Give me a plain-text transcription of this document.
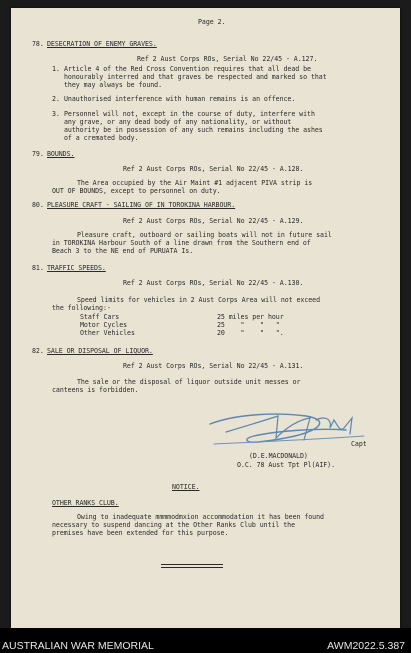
Page 2.
78. DESECRATION OF ENEMY GRAVES.
Ref 2 Aust Corps ROs, Serial No 22/45 - A.127.
1. Article 4 of the Red Cross Convention requires that all dead be
honourably interred and that graves be respected and marked so that
they may always be found.
2. Unauthorised interference with human remains is an offence.
3. Personnel will not, except in the course of duty, interfere with
any grave, or any dead body of any nationality, or without
authority be in possession of any such remains including the ashes
of a cremated body.
79. BOUNDS.
Ref 2 Aust Corps ROs, Serial No 22/45 - A.128.
The Area occupied by the Air Maint #1 adjacent PIVA strip is
OUT OF BOUNDS, except to personnel on duty.
80. PLEASURE CRAFT - SAILING OF IN TOROKINA HARBOUR.
Ref 2 Aust Corps ROs, Serial No 22/45 - A.129.
Pleasure craft, outboard or sailing boats will not in future sail
in TOROKINA Harbour South of a line drawn from the Southern end of
Beach 3 to the NE end of PURUATA Is.
81. TRAFFIC SPEEDS.
Ref 2 Aust Corps ROs, Serial No 22/45 - A.130.
Speed limits for vehicles in 2 Aust Corps Area will not exceed
the following:-
Staff Cars	25 miles per hour
Motor Cycles	25    "    "   "
Other Vehicles	20    "    "   ".
82. SALE OR DISPOSAL OF LIQUOR.
Ref 2 Aust Corps ROs, Serial No 22/45 - A.131.
The sale or the disposal of liquor outside unit messes or
canteens is forbidden.
Capt
(D.E.MACDONALD)
O.C. 78 Aust Tpt Pl(AIF).
NOTICE.
OTHER RANKS CLUB.
Owing to inadequate mmmmodmxion accommodation it has been found
necessary to suspend dancing at the Other Ranks Club until the
premises have been extended for this purpose.
AUSTRALIAN WAR MEMORIAL	AWM2022.5.387
